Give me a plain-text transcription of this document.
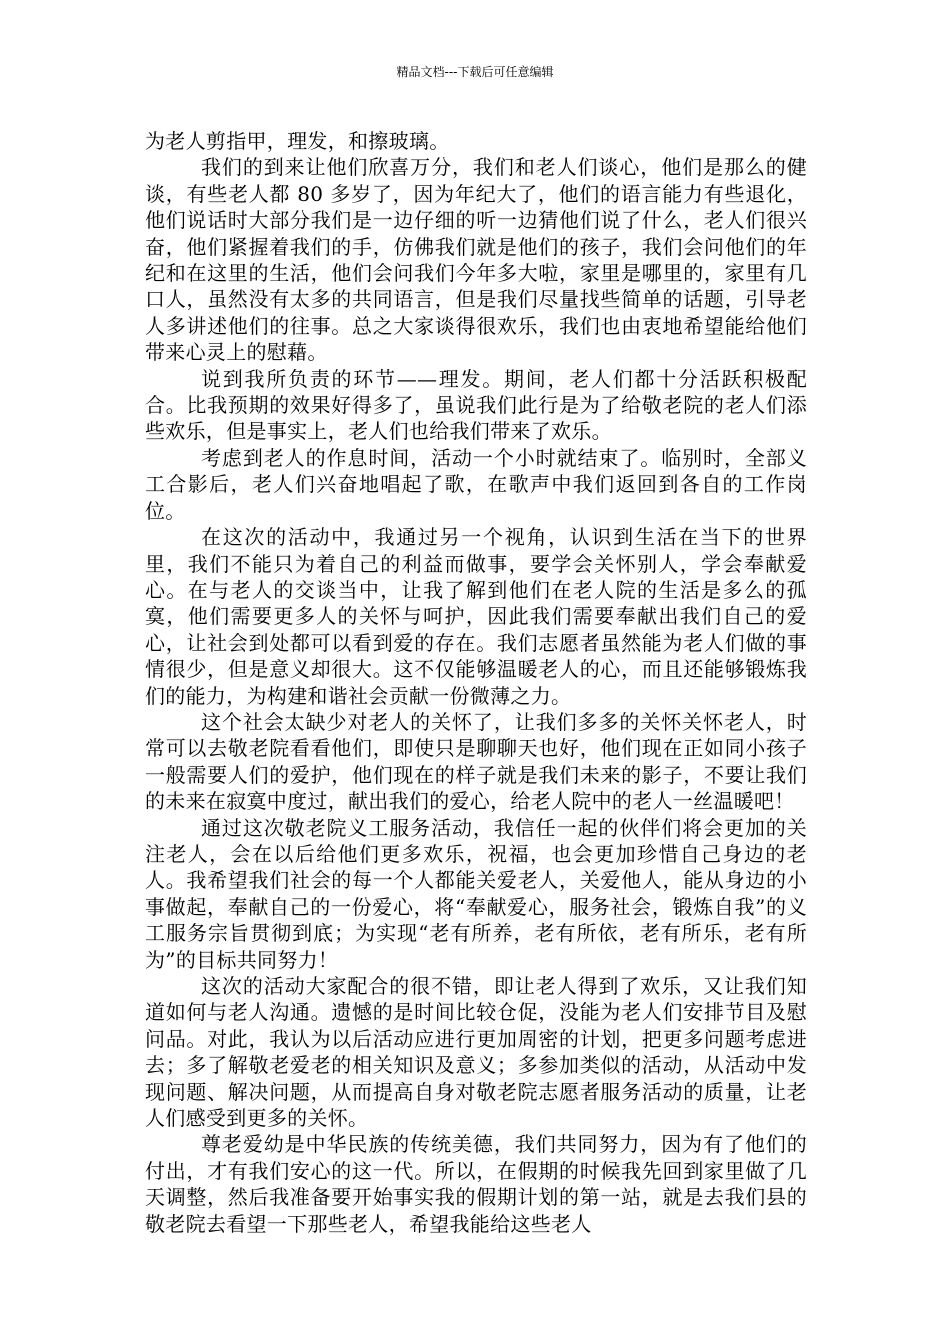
精品文档---下载后可任意编辑

为老人剪指甲，理发，和擦玻璃。

我们的到来让他们欣喜万分，我们和老人们谈心，他们是那么的健谈，有些老人都 80 多岁了，因为年纪大了，他们的语言能力有些退化，他们说话时大部分我们是一边仔细的听一边猜他们说了什么，老人们很兴奋，他们紧握着我们的手，仿佛我们就是他们的孩子，我们会问他们的年纪和在这里的生活，他们会问我们今年多大啦，家里是哪里的，家里有几口人，虽然没有太多的共同语言，但是我们尽量找些简单的话题，引导老人多讲述他们的往事。总之大家谈得很欢乐，我们也由衷地希望能给他们带来心灵上的慰藉。

说到我所负责的环节——理发。期间，老人们都十分活跃积极配合。比我预期的效果好得多了，虽说我们此行是为了给敬老院的老人们添些欢乐，但是事实上，老人们也给我们带来了欢乐。

考虑到老人的作息时间，活动一个小时就结束了。临别时，全部义工合影后，老人们兴奋地唱起了歌，在歌声中我们返回到各自的工作岗位。

在这次的活动中，我通过另一个视角，认识到生活在当下的世界里，我们不能只为着自己的利益而做事，要学会关怀别人，学会奉献爱心。在与老人的交谈当中，让我了解到他们在老人院的生活是多么的孤寞，他们需要更多人的关怀与呵护，因此我们需要奉献出我们自己的爱心，让社会到处都可以看到爱的存在。我们志愿者虽然能为老人们做的事情很少，但是意义却很大。这不仅能够温暖老人的心，而且还能够锻炼我们的能力，为构建和谐社会贡献一份微薄之力。

这个社会太缺少对老人的关怀了，让我们多多的关怀关怀老人，时常可以去敬老院看看他们，即使只是聊聊天也好，他们现在正如同小孩子一般需要人们的爱护，他们现在的样子就是我们未来的影子，不要让我们的未来在寂寞中度过，献出我们的爱心，给老人院中的老人一丝温暖吧！

通过这次敬老院义工服务活动，我信任一起的伙伴们将会更加的关注老人，会在以后给他们更多欢乐，祝福，也会更加珍惜自己身边的老人。我希望我们社会的每一个人都能关爱老人，关爱他人，能从身边的小事做起，奉献自己的一份爱心，将“奉献爱心，服务社会，锻炼自我”的义工服务宗旨贯彻到底；为实现“老有所养，老有所依，老有所乐，老有所为”的目标共同努力！

这次的活动大家配合的很不错，即让老人得到了欢乐，又让我们知道如何与老人沟通。遗憾的是时间比较仓促，没能为老人们安排节目及慰问品。对此，我认为以后活动应进行更加周密的计划，把更多问题考虑进去；多了解敬老爱老的相关知识及意义；多参加类似的活动，从活动中发现问题、解决问题，从而提高自身对敬老院志愿者服务活动的质量，让老人们感受到更多的关怀。

尊老爱幼是中华民族的传统美德，我们共同努力，因为有了他们的付出，才有我们安心的这一代。所以，在假期的时候我先回到家里做了几天调整，然后我准备要开始事实我的假期计划的第一站，就是去我们县的敬老院去看望一下那些老人，希望我能给这些老人
